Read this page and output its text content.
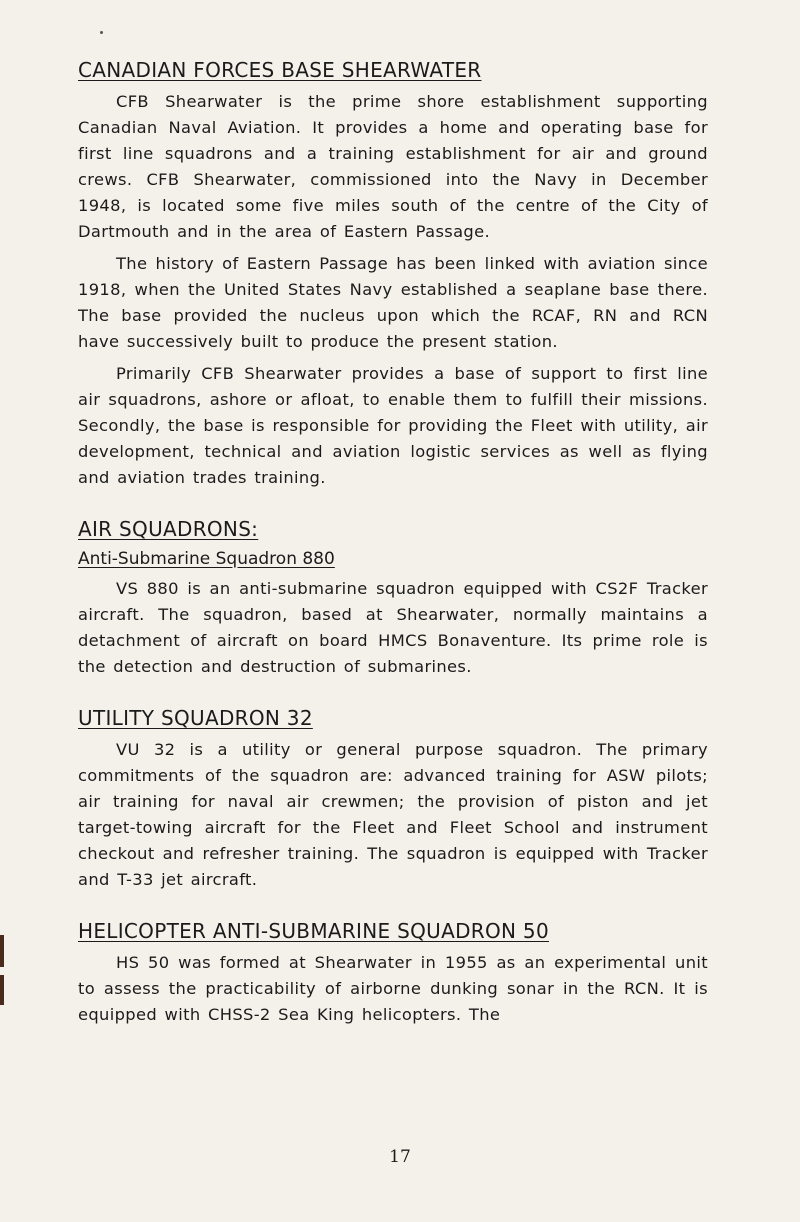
CANADIAN FORCES BASE SHEARWATER

CFB Shearwater is the prime shore establishment supporting Canadian Naval Aviation. It provides a home and operating base for first line squadrons and a training establishment for air and ground crews. CFB Shearwater, commissioned into the Navy in December 1948, is located some five miles south of the centre of the City of Dartmouth and in the area of Eastern Passage.

The history of Eastern Passage has been linked with aviation since 1918, when the United States Navy established a seaplane base there. The base provided the nucleus upon which the RCAF, RN and RCN have successively built to produce the present station.

Primarily CFB Shearwater provides a base of support to first line air squadrons, ashore or afloat, to enable them to fulfill their missions. Secondly, the base is responsible for providing the Fleet with utility, air development, technical and aviation logistic services as well as flying and aviation trades training.

AIR SQUADRONS:
Anti-Submarine Squadron 880

VS 880 is an anti-submarine squadron equipped with CS2F Tracker aircraft. The squadron, based at Shearwater, normally maintains a detachment of aircraft on board HMCS Bonaventure. Its prime role is the detection and destruction of submarines.

UTILITY SQUADRON 32

VU 32 is a utility or general purpose squadron. The primary commitments of the squadron are: advanced training for ASW pilots; air training for naval air crewmen; the provision of piston and jet target-towing aircraft for the Fleet and Fleet School and instrument checkout and refresher training. The squadron is equipped with Tracker and T-33 jet aircraft.

HELICOPTER ANTI-SUBMARINE SQUADRON 50

HS 50 was formed at Shearwater in 1955 as an experimental unit to assess the practicability of airborne dunking sonar in the RCN. It is equipped with CHSS-2 Sea King helicopters. The

17
